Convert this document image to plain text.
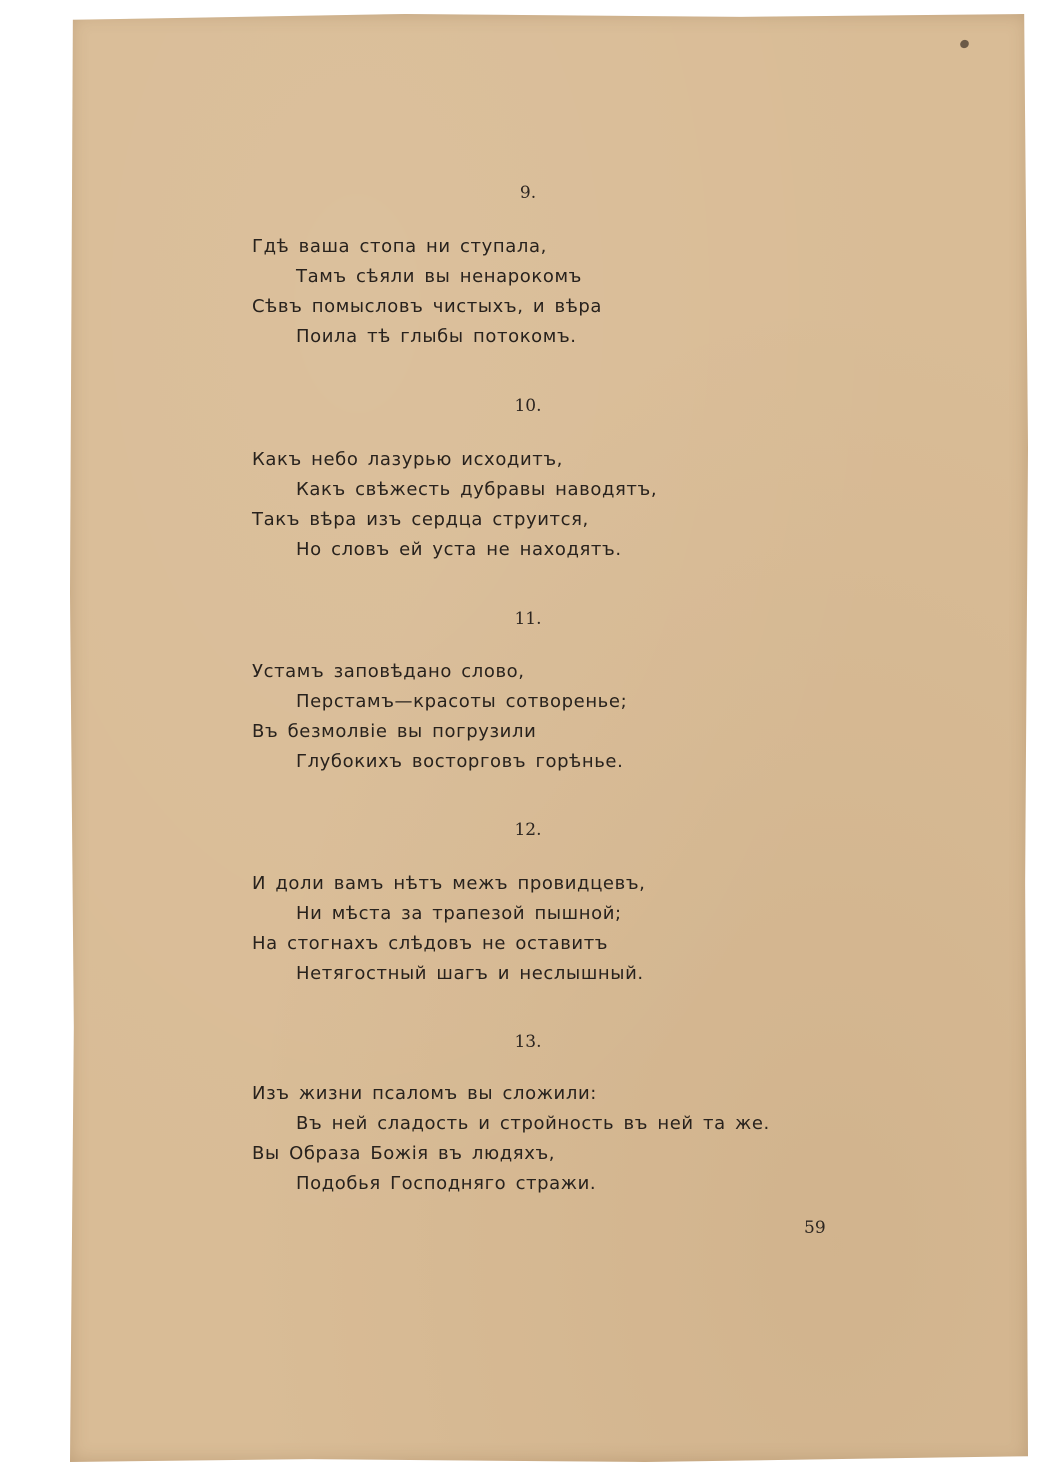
9.
Гдѣ ваша стопа ни ступала,
Тамъ сѣяли вы ненарокомъ
Сѣвъ помысловъ чистыхъ, и вѣра
Поила тѣ глыбы потокомъ.
10.
Какъ небо лазурью исходитъ,
Какъ свѣжесть дубравы наводятъ,
Такъ вѣра изъ сердца струится,
Но словъ ей уста не находятъ.
11.
Устамъ заповѣдано слово,
Перстамъ—красоты сотворенье;
Въ безмолвіе вы погрузили
Глубокихъ восторговъ горѣнье.
12.
И доли вамъ нѣтъ межъ провидцевъ,
Ни мѣста за трапезой пышной;
На стогнахъ слѣдовъ не оставитъ
Нетягостный шагъ и неслышный.
13.
Изъ жизни псаломъ вы сложили:
Въ ней сладость и стройность въ ней та же.
Вы Образа Божія въ людяхъ,
Подобья Господняго стражи.
59
